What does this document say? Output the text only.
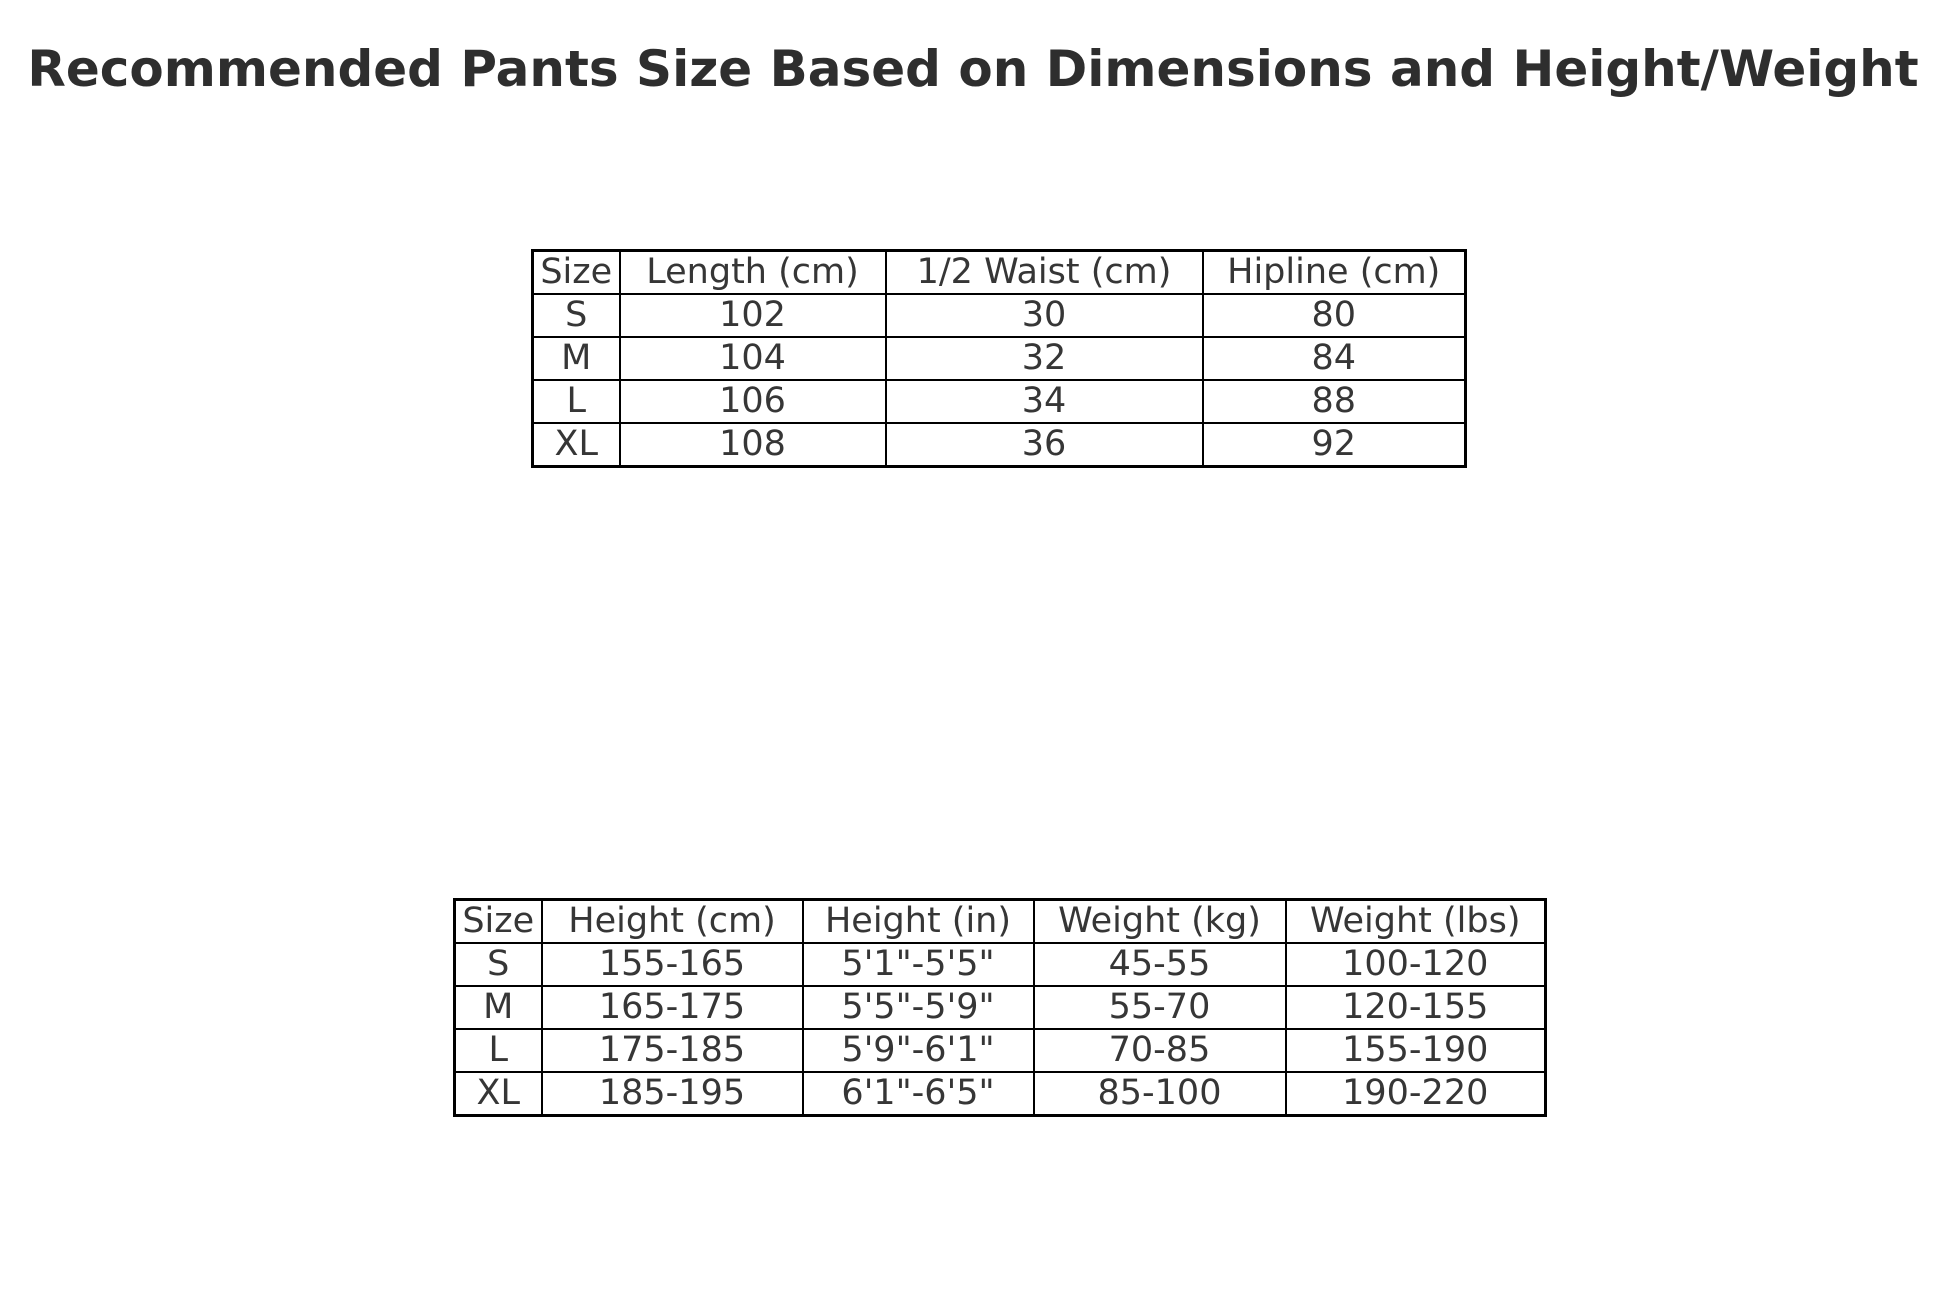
Recommended Pants Size Based on Dimensions and Height/Weight
Size	Length (cm)	1/2 Waist (cm)	Hipline (cm)
S	102	30	80
M	104	32	84
L	106	34	88
XL	108	36	92
Size	Height (cm)	Height (in)	Weight (kg)	Weight (lbs)
S	155-165	5'1"-5'5"	45-55	100-120
M	165-175	5'5"-5'9"	55-70	120-155
L	175-185	5'9"-6'1"	70-85	155-190
XL	185-195	6'1"-6'5"	85-100	190-220
